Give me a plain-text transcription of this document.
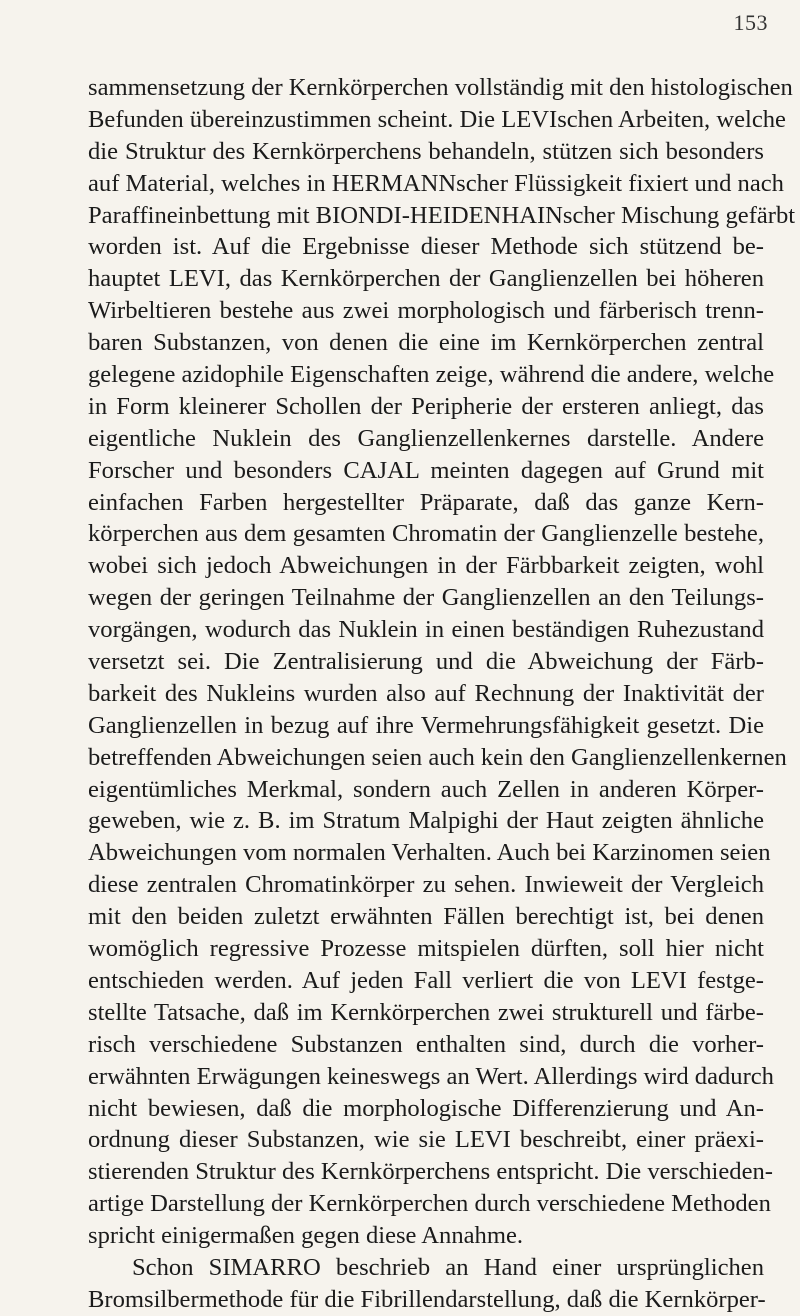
153
sammensetzung der Kernkörperchen vollständig mit den histologischen
Befunden übereinzustimmen scheint. Die LEVIschen Arbeiten, welche
die Struktur des Kernkörperchens behandeln, stützen sich besonders
auf Material, welches in HERMANNscher Flüssigkeit fixiert und nach
Paraffineinbettung mit BIONDI-HEIDENHAINscher Mischung gefärbt
worden ist. Auf die Ergebnisse dieser Methode sich stützend be-
hauptet LEVI, das Kernkörperchen der Ganglienzellen bei höheren
Wirbeltieren bestehe aus zwei morphologisch und färberisch trenn-
baren Substanzen, von denen die eine im Kernkörperchen zentral
gelegene azidophile Eigenschaften zeige, während die andere, welche
in Form kleinerer Schollen der Peripherie der ersteren anliegt, das
eigentliche Nuklein des Ganglienzellenkernes darstelle. Andere
Forscher und besonders CAJAL meinten dagegen auf Grund mit
einfachen Farben hergestellter Präparate, daß das ganze Kern-
körperchen aus dem gesamten Chromatin der Ganglienzelle bestehe,
wobei sich jedoch Abweichungen in der Färbbarkeit zeigten, wohl
wegen der geringen Teilnahme der Ganglienzellen an den Teilungs-
vorgängen, wodurch das Nuklein in einen beständigen Ruhezustand
versetzt sei. Die Zentralisierung und die Abweichung der Färb-
barkeit des Nukleins wurden also auf Rechnung der Inaktivität der
Ganglienzellen in bezug auf ihre Vermehrungsfähigkeit gesetzt. Die
betreffenden Abweichungen seien auch kein den Ganglienzellenkernen
eigentümliches Merkmal, sondern auch Zellen in anderen Körper-
geweben, wie z. B. im Stratum Malpighi der Haut zeigten ähnliche
Abweichungen vom normalen Verhalten. Auch bei Karzinomen seien
diese zentralen Chromatinkörper zu sehen. Inwieweit der Vergleich
mit den beiden zuletzt erwähnten Fällen berechtigt ist, bei denen
womöglich regressive Prozesse mitspielen dürften, soll hier nicht
entschieden werden. Auf jeden Fall verliert die von LEVI festge-
stellte Tatsache, daß im Kernkörperchen zwei strukturell und färbe-
risch verschiedene Substanzen enthalten sind, durch die vorher-
erwähnten Erwägungen keineswegs an Wert. Allerdings wird dadurch
nicht bewiesen, daß die morphologische Differenzierung und An-
ordnung dieser Substanzen, wie sie LEVI beschreibt, einer präexi-
stierenden Struktur des Kernkörperchens entspricht. Die verschieden-
artige Darstellung der Kernkörperchen durch verschiedene Methoden
spricht einigermaßen gegen diese Annahme.
Schon SIMARRO beschrieb an Hand einer ursprünglichen
Bromsilbermethode für die Fibrillendarstellung, daß die Kernkörper-
